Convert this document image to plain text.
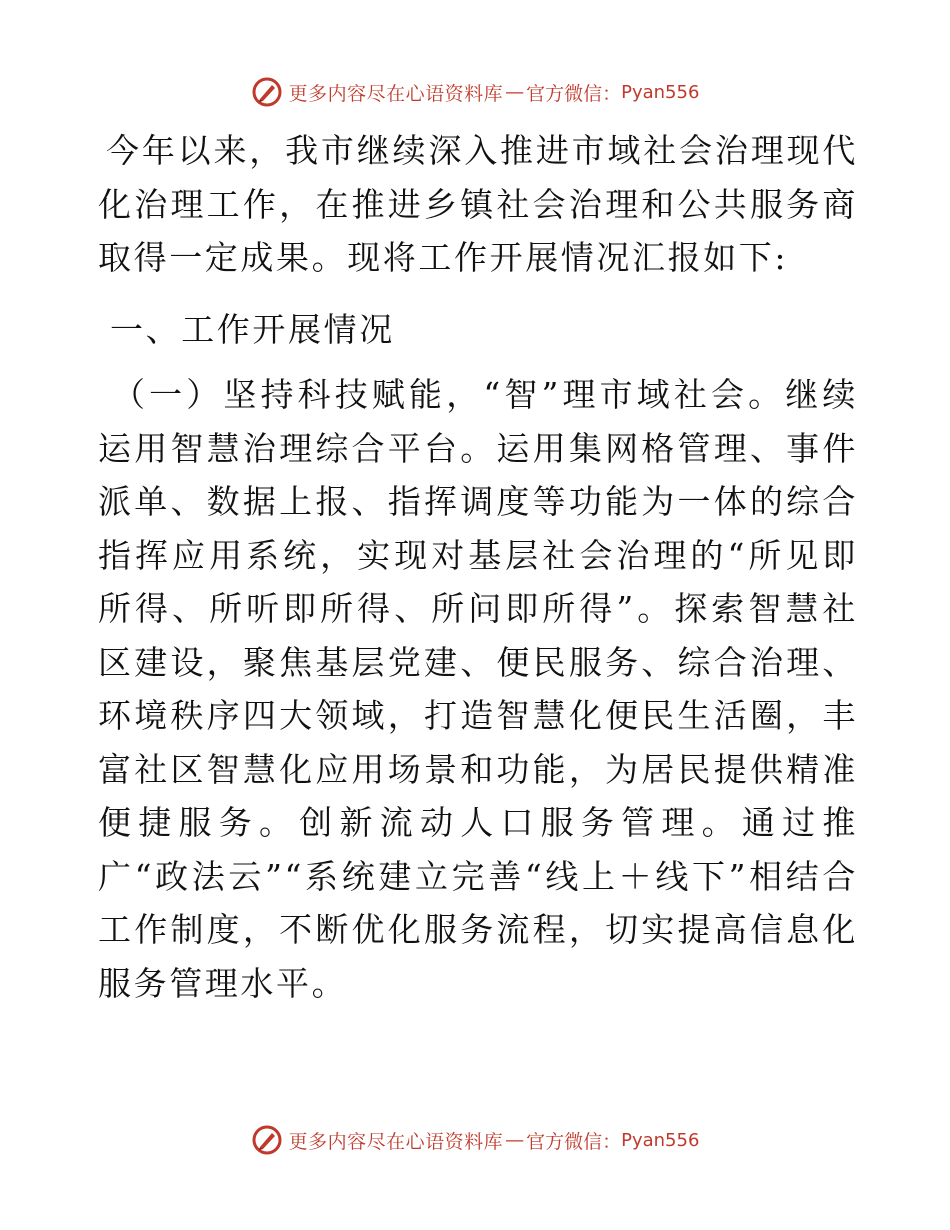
更多内容尽在心语资料库 — 官方微信： Pyan556

今年以来，我市继续深入推进市域社会治理现代化治理工作，在推进乡镇社会治理和公共服务商取得一定成果。现将工作开展情况汇报如下:

一、工作开展情况

（一）坚持科技赋能，“智”理市域社会。继续运用智慧治理综合平台。运用集网格管理、事件派单、数据上报、指挥调度等功能为一体的综合指挥应用系统，实现对基层社会治理的“所见即所得、所听即所得、所问即所得”。探索智慧社区建设，聚焦基层党建、便民服务、综合治理、环境秩序四大领域，打造智慧化便民生活圈，丰富社区智慧化应用场景和功能，为居民提供精准便捷服务。创新流动人口服务管理。通过推广“政法云”“系统建立完善“线上＋线下”相结合工作制度，不断优化服务流程，切实提高信息化服务管理水平。

更多内容尽在心语资料库 — 官方微信： Pyan556
